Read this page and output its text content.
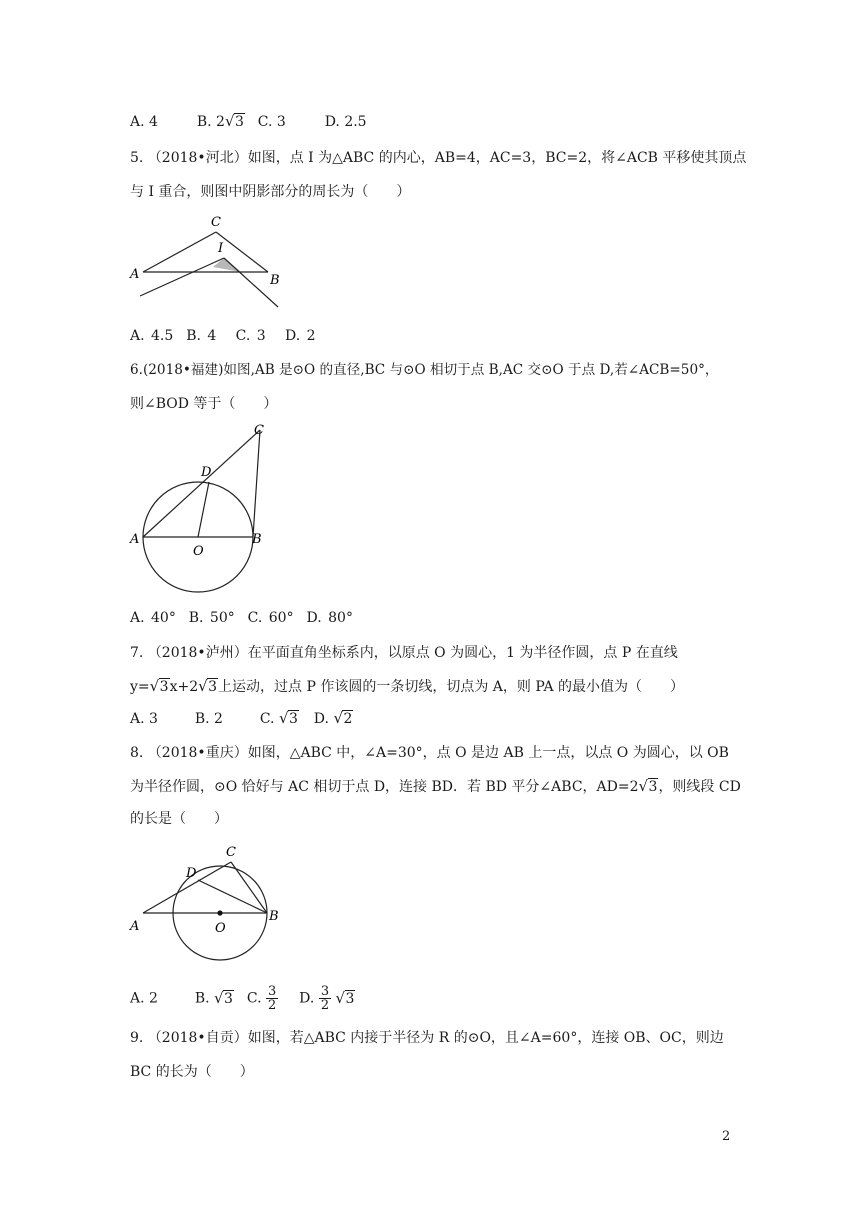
A. 4	B. 2 √ 3 C. 3	D. 2.5
5. （2018•河北）如图，点 I 为△ABC 的内心，AB=4，AC=3，BC=2，将∠ACB 平移使其顶点
与 I 重合，则图中阴影部分的周长为（　　）
A	B
C
I
A. 4.5 B. 4 C. 3 D. 2
6.(2018•福建)如图,AB 是⊙O 的直径,BC 与⊙O 相切于点 B,AC 交⊙O 于点 D,若∠ACB=50°，
则∠BOD 等于（　　）
A	B
C
D
O
A. 40° B. 50° C. 60° D. 80°
7. （2018•泸州）在平面直角坐标系内，以原点 O 为圆心，1 为半径作圆，点 P 在直线
y= √ 3x+2 √ 3上运动，过点 P 作该圆的一条切线，切点为 A，则 PA 的最小值为（　　）
A. 3	B. 2	C. √ 3 D. √ 2
8. （2018•重庆）如图，△ABC 中，∠A=30°，点 O 是边 AB 上一点，以点 O 为圆心，以 OB
为半径作圆，⊙O 恰好与 AC 相切于点 D，连接 BD．若 BD 平分∠ABC，AD=2 √ 3，则线段 CD
的长是（　　）
A
B
C
D
O
A. 2	B. √ 3 C. $\frac{3}{2} D$. $\frac{3}{2}$
√ 3
9. （2018•自贡）如图，若△ABC 内接于半径为 R 的⊙O，且∠A=60°，连接 OB、OC，则边
BC 的长为（　　）
2
